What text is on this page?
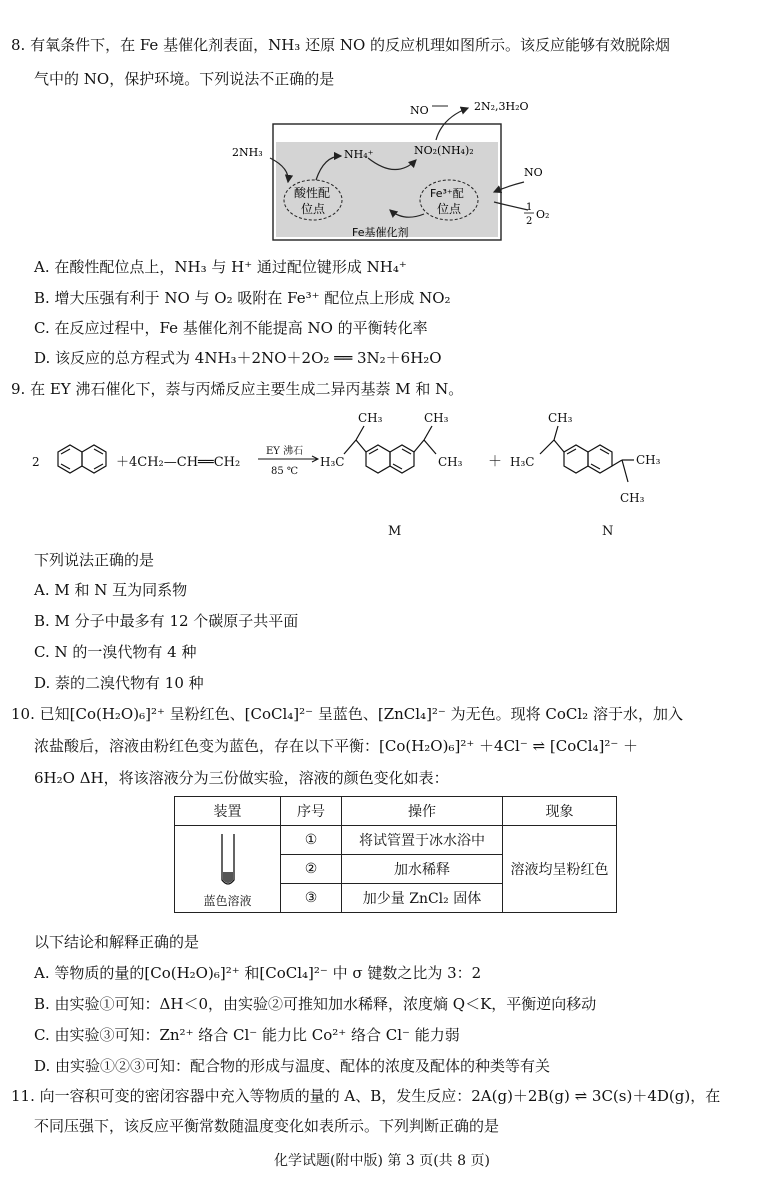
8. 有氧条件下，在 Fe 基催化剂表面，NH₃ 还原 NO 的反应机理如图所示。该反应能够有效脱除烟
气中的 NO，保护环境。下列说法不正确的是
NO	2N₂,3H₂O
2NH₃	NH₄⁺	NO₂(NH₄)₂
酸性配
位点
Fe³⁺配
位点
Fe基催化剂
NO
1
2
O₂
A. 在酸性配位点上，NH₃ 与 H⁺ 通过配位键形成 NH₄⁺
B. 增大压强有利于 NO 与 O₂ 吸附在 Fe³⁺ 配位点上形成 NO₂
C. 在反应过程中，Fe 基催化剂不能提高 NO 的平衡转化率
D. 该反应的总方程式为 4NH₃＋2NO＋2O₂ ══ 3N₂＋6H₂O
9. 在 EY 沸石催化下，萘与丙烯反应主要生成二异丙基萘 M 和 N。
2	＋4CH₂—CH══CH₂
EY 沸石
85 ℃
CH₃
H₃C
CH₃
CH₃
M
＋
CH₃
H₃C	CH₃
CH₃
N
下列说法正确的是
A. M 和 N 互为同系物
B. M 分子中最多有 12 个碳原子共平面
C. N 的一溴代物有 4 种
D. 萘的二溴代物有 10 种
10. 已知[Co(H₂O)₆]²⁺ 呈粉红色、[CoCl₄]²⁻ 呈蓝色、[ZnCl₄]²⁻ 为无色。现将 CoCl₂ 溶于水，加入
浓盐酸后，溶液由粉红色变为蓝色，存在以下平衡：[Co(H₂O)₆]²⁺ ＋4Cl⁻ ⇌ [CoCl₄]²⁻ ＋
6H₂O ΔH，将该溶液分为三份做实验，溶液的颜色变化如表：
装置	序号	操作	现象

蓝色溶液	①	将试管置于冰水浴中	溶液均呈粉红色
	②	加水稀释	
	③	加少量 ZnCl₂ 固体	
以下结论和解释正确的是
A. 等物质的量的[Co(H₂O)₆]²⁺ 和[CoCl₄]²⁻ 中 σ 键数之比为 3：2
B. 由实验①可知：ΔH＜0，由实验②可推知加水稀释，浓度熵 Q＜K，平衡逆向移动
C. 由实验③可知：Zn²⁺ 络合 Cl⁻ 能力比 Co²⁺ 络合 Cl⁻ 能力弱
D. 由实验①②③可知：配合物的形成与温度、配体的浓度及配体的种类等有关
11. 向一容积可变的密闭容器中充入等物质的量的 A、B，发生反应：2A(g)＋2B(g) ⇌ 3C(s)＋4D(g)，在
不同压强下，该反应平衡常数随温度变化如表所示。下列判断正确的是
化学试题(附中版) 第 3 页(共 8 页)
